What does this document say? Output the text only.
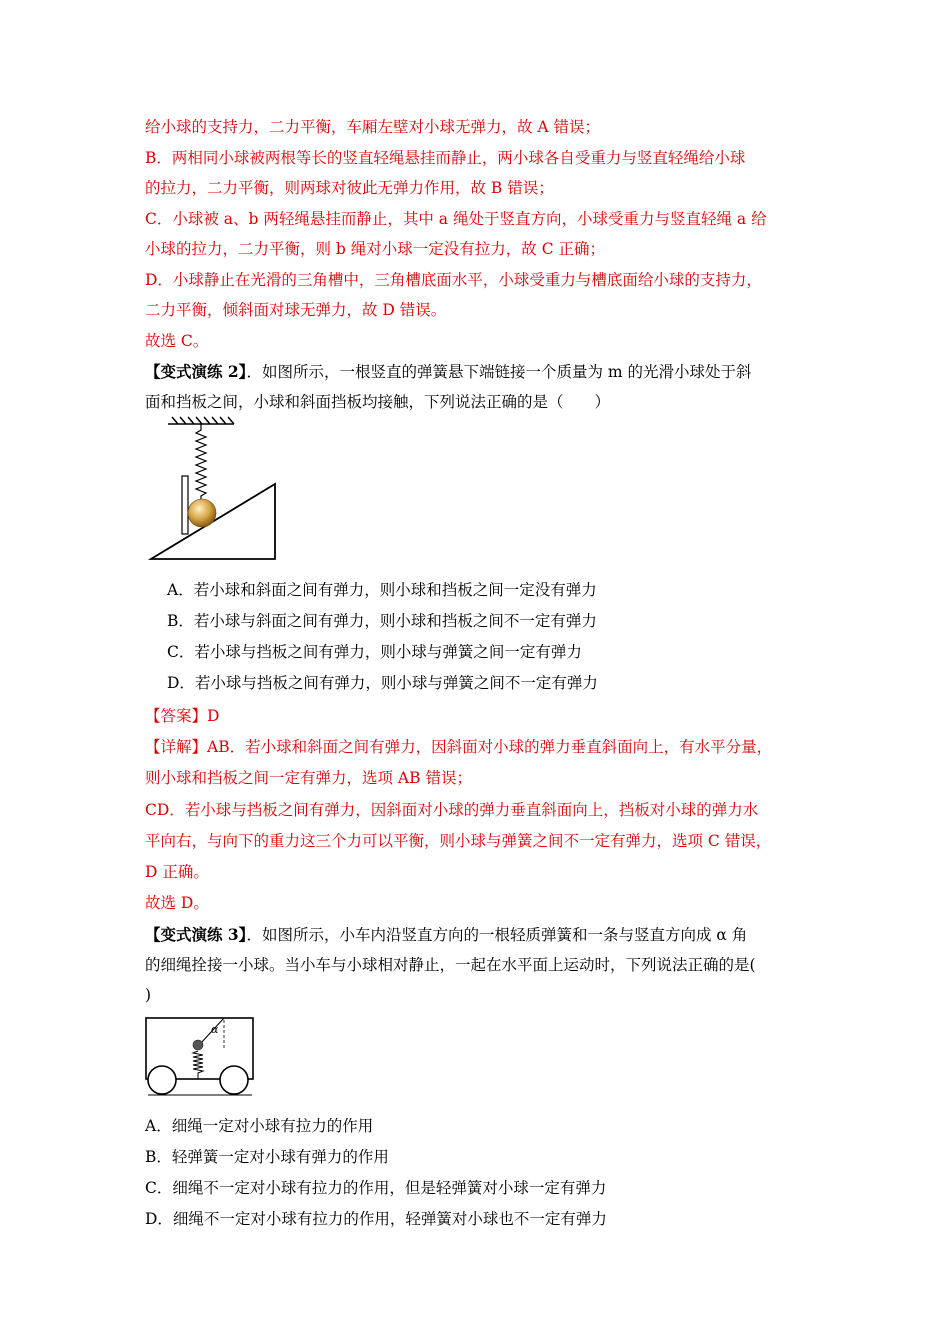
给小球的支持力，二力平衡，车厢左壁对小球无弹力，故 A 错误；
B．两相同小球被两根等长的竖直轻绳悬挂而静止，两小球各自受重力与竖直轻绳给小球
的拉力，二力平衡，则两球对彼此无弹力作用，故 B 错误；
C．小球被 a、b 两轻绳悬挂而静止，其中 a 绳处于竖直方向，小球受重力与竖直轻绳 a 给
小球的拉力，二力平衡，则 b 绳对小球一定没有拉力，故 C 正确；
D．小球静止在光滑的三角槽中，三角槽底面水平，小球受重力与槽底面给小球的支持力，
二力平衡，倾斜面对球无弹力，故 D 错误。
故选 C。
【变式演练 2】．如图所示，一根竖直的弹簧悬下端链接一个质量为 m 的光滑小球处于斜
面和挡板之间，小球和斜面挡板均接触，下列说法正确的是（　　）
A．若小球和斜面之间有弹力，则小球和挡板之间一定没有弹力
B．若小球与斜面之间有弹力，则小球和挡板之间不一定有弹力
C．若小球与挡板之间有弹力，则小球与弹簧之间一定有弹力
D．若小球与挡板之间有弹力，则小球与弹簧之间不一定有弹力
【答案】D
【详解】AB．若小球和斜面之间有弹力，因斜面对小球的弹力垂直斜面向上，有水平分量，
则小球和挡板之间一定有弹力，选项 AB 错误；
CD．若小球与挡板之间有弹力，因斜面对小球的弹力垂直斜面向上，挡板对小球的弹力水
平向右，与向下的重力这三个力可以平衡，则小球与弹簧之间不一定有弹力，选项 C 错误，
D 正确。
故选 D。
【变式演练 3】．如图所示，小车内沿竖直方向的一根轻质弹簧和一条与竖直方向成 α 角
的细绳拴接一小球。当小车与小球相对静止，一起在水平面上运动时，下列说法正确的是(
)
α
A．细绳一定对小球有拉力的作用
B．轻弹簧一定对小球有弹力的作用
C．细绳不一定对小球有拉力的作用，但是轻弹簧对小球一定有弹力
D．细绳不一定对小球有拉力的作用，轻弹簧对小球也不一定有弹力
